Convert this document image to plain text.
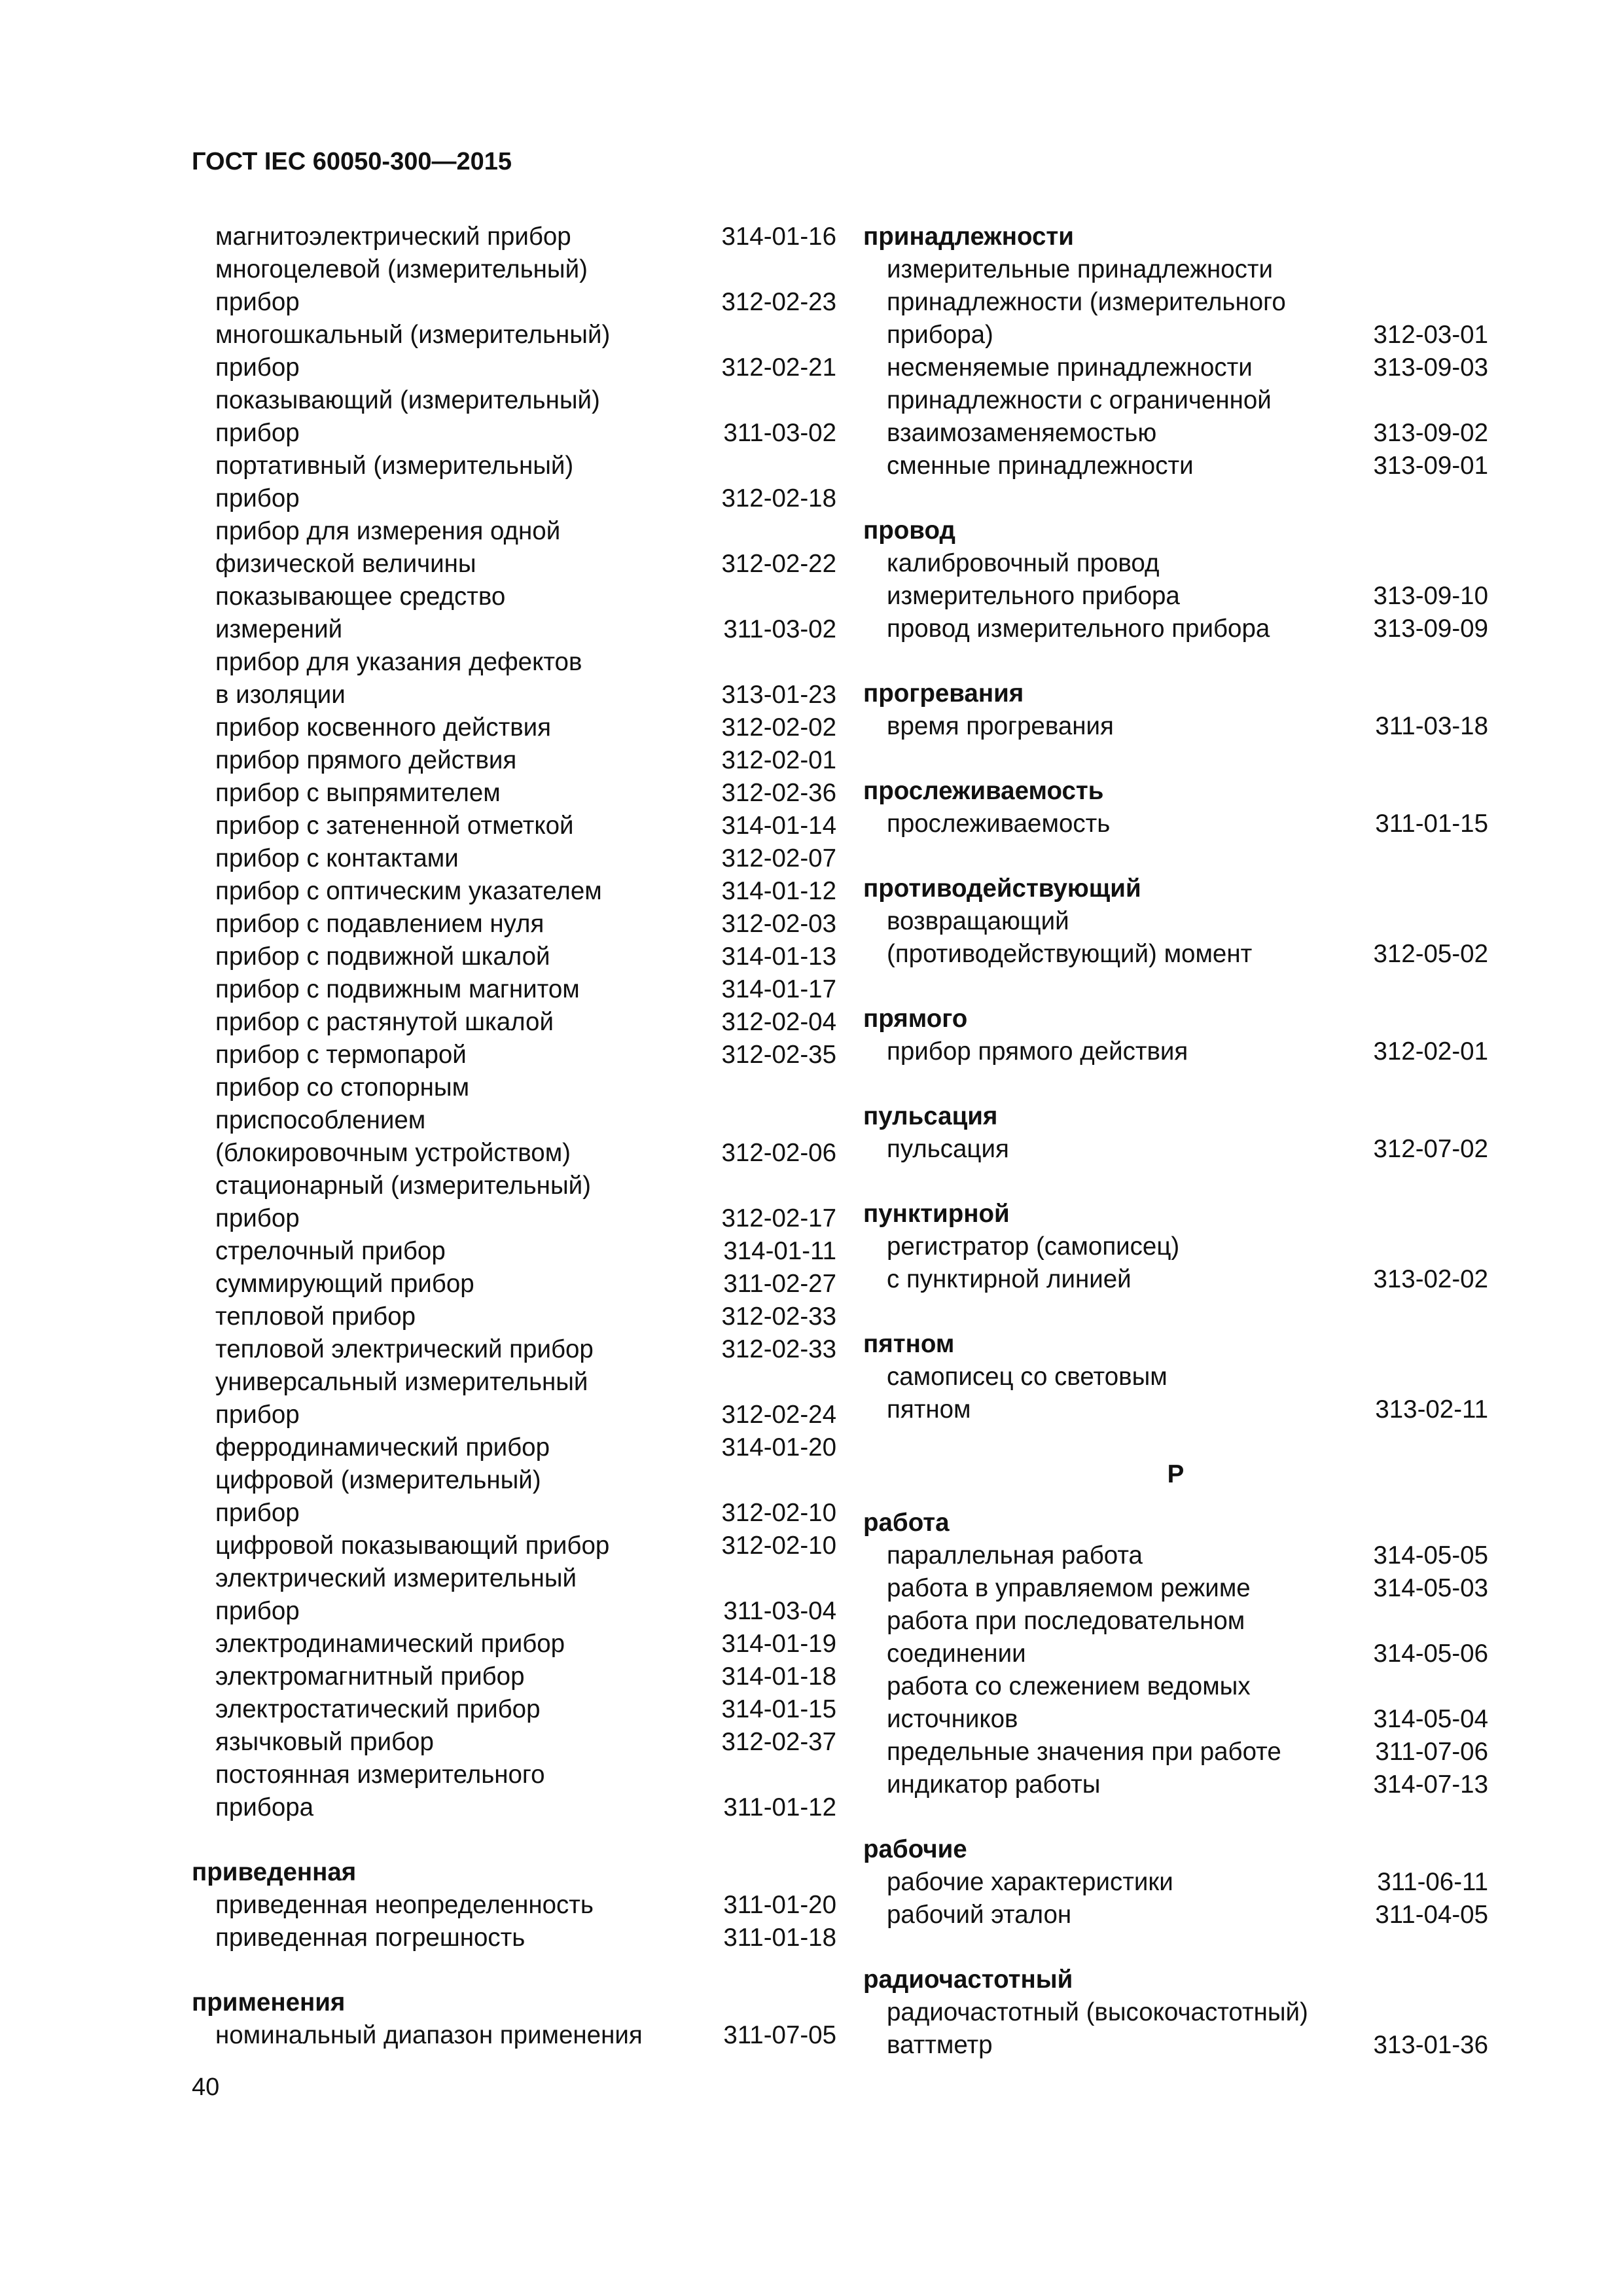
ГОСТ IEC 60050-300—2015
магнитоэлектрический прибор	314-01-16
многоцелевой (измерительный)
прибор	312-02-23
многошкальный (измерительный)
прибор	312-02-21
показывающий (измерительный)
прибор	311-03-02
портативный (измерительный)
прибор	312-02-18
прибор для измерения одной
физической величины	312-02-22
показывающее средство
измерений	311-03-02
прибор для указания дефектов
в изоляции	313-01-23
прибор косвенного действия	312-02-02
прибор прямого действия	312-02-01
прибор с выпрямителем	312-02-36
прибор с затененной отметкой	314-01-14
прибор с контактами	312-02-07
прибор с оптическим указателем	314-01-12
прибор с подавлением нуля	312-02-03
прибор с подвижной шкалой	314-01-13
прибор с подвижным магнитом	314-01-17
прибор с растянутой шкалой	312-02-04
прибор с термопарой	312-02-35
прибор со стопорным
приспособлением
(блокировочным устройством)	312-02-06
стационарный (измерительный)
прибор	312-02-17
стрелочный прибор	314-01-11
суммирующий прибор	311-02-27
тепловой прибор	312-02-33
тепловой электрический прибор	312-02-33
универсальный измерительный
прибор	312-02-24
ферродинамический прибор	314-01-20
цифровой (измерительный)
прибор	312-02-10
цифровой показывающий прибор	312-02-10
электрический измерительный
прибор	311-03-04
электродинамический прибор	314-01-19
электромагнитный прибор	314-01-18
электростатический прибор	314-01-15
язычковый прибор	312-02-37
постоянная измерительного
прибора	311-01-12
приведенная
приведенная неопределенность	311-01-20
приведенная погрешность	311-01-18
применения
номинальный диапазон применения	311-07-05
принадлежности
измерительные принадлежности
принадлежности (измерительного
прибора)	312-03-01
несменяемые принадлежности	313-09-03
принадлежности с ограниченной
взаимозаменяемостью	313-09-02
сменные принадлежности	313-09-01
провод
калибровочный провод
измерительного прибора	313-09-10
провод измерительного прибора	313-09-09
прогревания
время прогревания	311-03-18
прослеживаемость
прослеживаемость	311-01-15
противодействующий
возвращающий
(противодействующий) момент	312-05-02
прямого
прибор прямого действия	312-02-01
пульсация
пульсация	312-07-02
пунктирной
регистратор (самописец)
с пунктирной линией	313-02-02
пятном
самописец со световым
пятном	313-02-11
Р
работа
параллельная работа	314-05-05
работа в управляемом режиме	314-05-03
работа при последовательном
соединении	314-05-06
работа со слежением ведомых
источников	314-05-04
предельные значения при работе	311-07-06
индикатор работы	314-07-13
рабочие
рабочие характеристики	311-06-11
рабочий эталон	311-04-05
радиочастотный
радиочастотный (высокочастотный)
ваттметр	313-01-36
40
